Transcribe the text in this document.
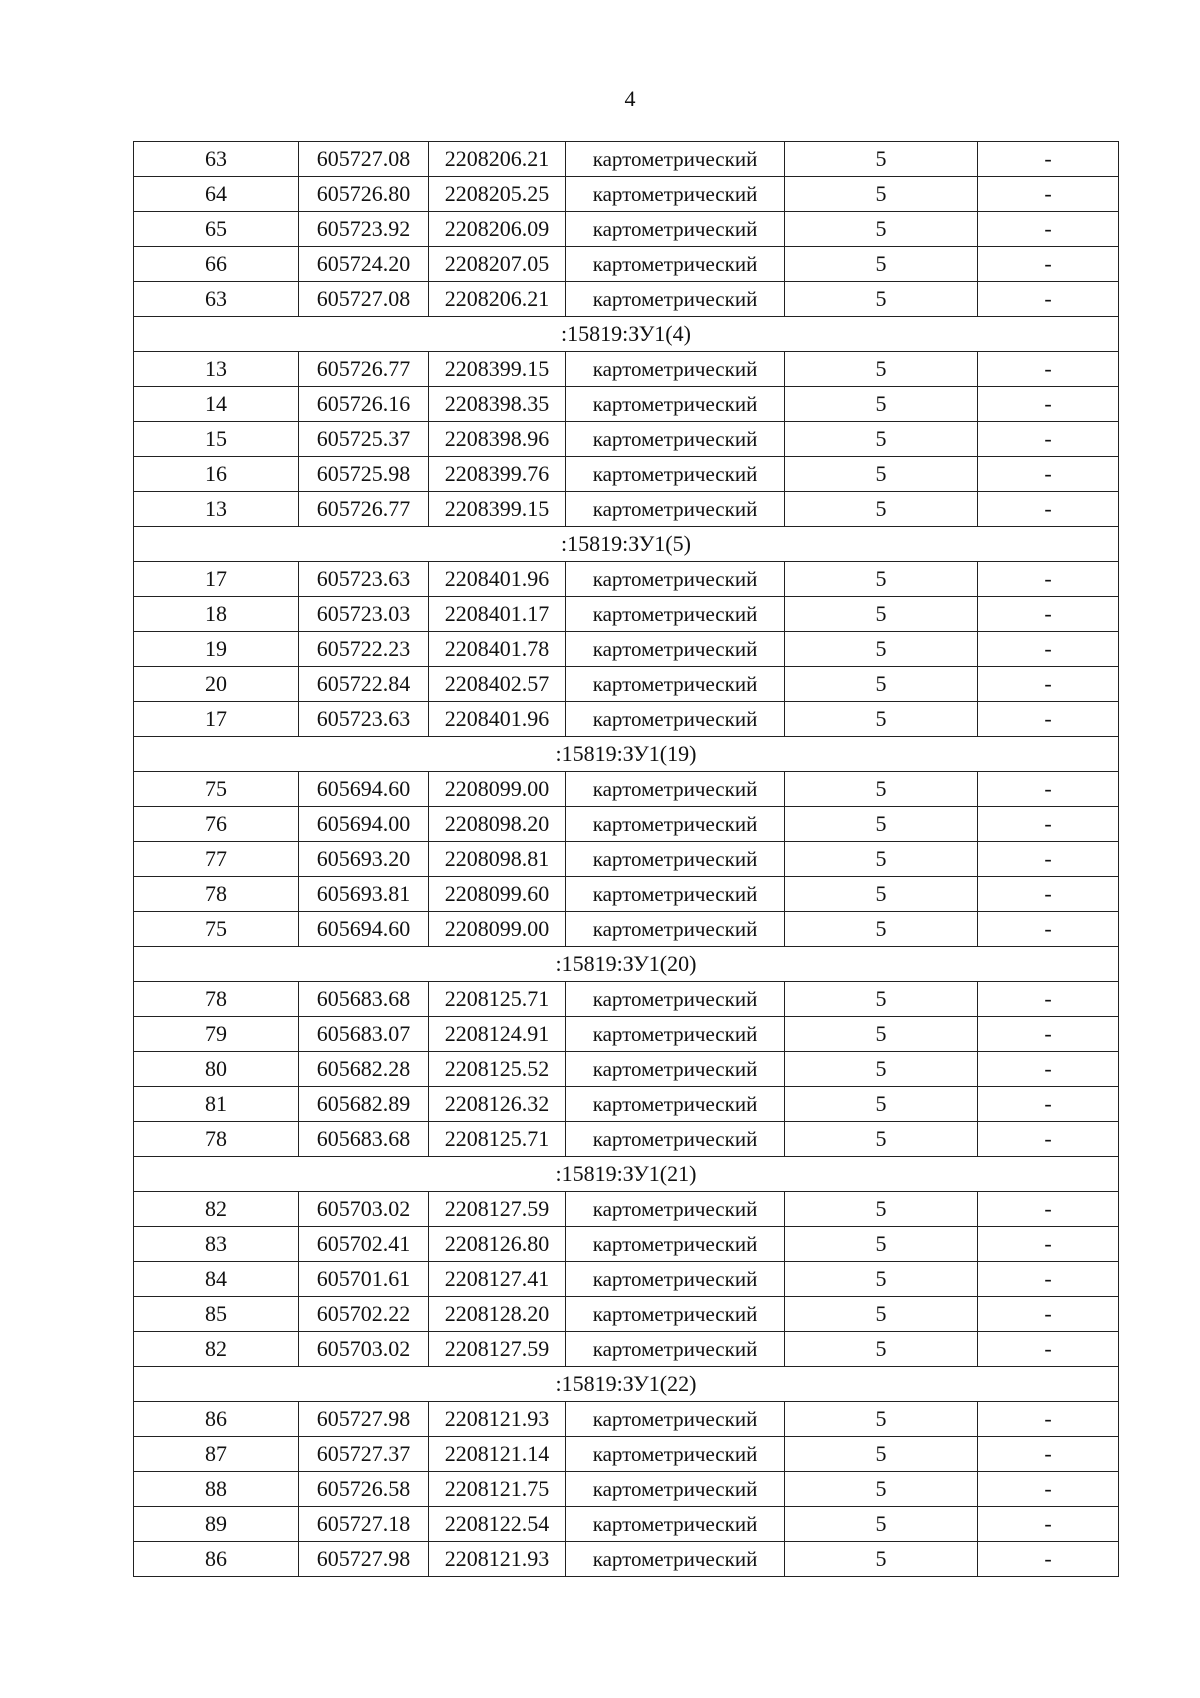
4
63	605727.08	2208206.21	картометрический	5	-
64	605726.80	2208205.25	картометрический	5	-
65	605723.92	2208206.09	картометрический	5	-
66	605724.20	2208207.05	картометрический	5	-
63	605727.08	2208206.21	картометрический	5	-
:15819:ЗУ1(4)					
13	605726.77	2208399.15	картометрический	5	-
14	605726.16	2208398.35	картометрический	5	-
15	605725.37	2208398.96	картометрический	5	-
16	605725.98	2208399.76	картометрический	5	-
13	605726.77	2208399.15	картометрический	5	-
:15819:ЗУ1(5)					
17	605723.63	2208401.96	картометрический	5	-
18	605723.03	2208401.17	картометрический	5	-
19	605722.23	2208401.78	картометрический	5	-
20	605722.84	2208402.57	картометрический	5	-
17	605723.63	2208401.96	картометрический	5	-
:15819:ЗУ1(19)					
75	605694.60	2208099.00	картометрический	5	-
76	605694.00	2208098.20	картометрический	5	-
77	605693.20	2208098.81	картометрический	5	-
78	605693.81	2208099.60	картометрический	5	-
75	605694.60	2208099.00	картометрический	5	-
:15819:ЗУ1(20)					
78	605683.68	2208125.71	картометрический	5	-
79	605683.07	2208124.91	картометрический	5	-
80	605682.28	2208125.52	картометрический	5	-
81	605682.89	2208126.32	картометрический	5	-
78	605683.68	2208125.71	картометрический	5	-
:15819:ЗУ1(21)					
82	605703.02	2208127.59	картометрический	5	-
83	605702.41	2208126.80	картометрический	5	-
84	605701.61	2208127.41	картометрический	5	-
85	605702.22	2208128.20	картометрический	5	-
82	605703.02	2208127.59	картометрический	5	-
:15819:ЗУ1(22)					
86	605727.98	2208121.93	картометрический	5	-
87	605727.37	2208121.14	картометрический	5	-
88	605726.58	2208121.75	картометрический	5	-
89	605727.18	2208122.54	картометрический	5	-
86	605727.98	2208121.93	картометрический	5	-
